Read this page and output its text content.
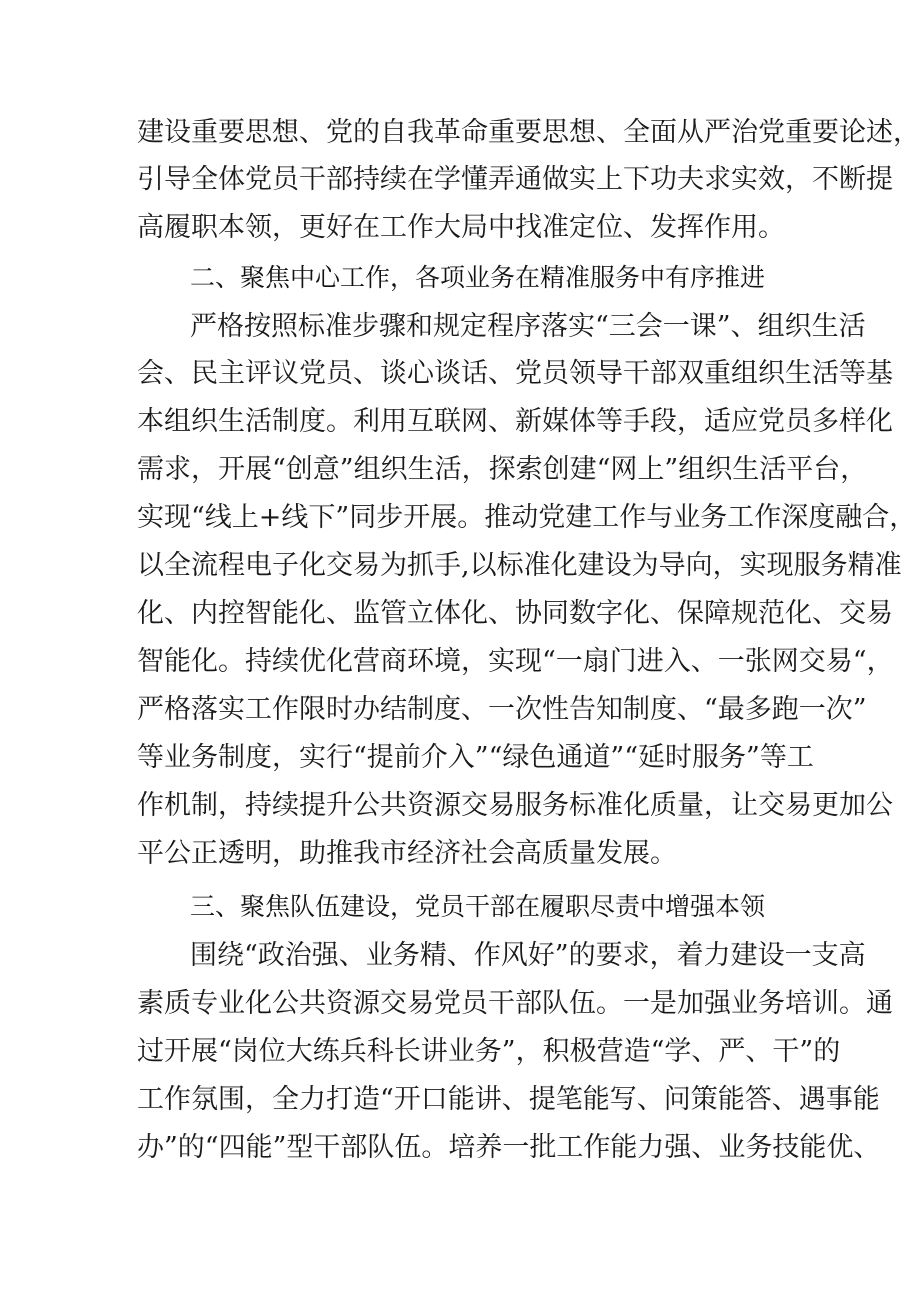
建设重要思想、党的自我革命重要思想、全面从严治党重要论述，
引导全体党员干部持续在学懂弄通做实上下功夫求实效，不断提
高履职本领，更好在工作大局中找准定位、发挥作用。
二、聚焦中心工作，各项业务在精准服务中有序推进
严格按照标准步骤和规定程序落实“三会一课”、组织生活
会、民主评议党员、谈心谈话、党员领导干部双重组织生活等基
本组织生活制度。利用互联网、新媒体等手段，适应党员多样化
需求，开展“创意”组织生活，探索创建“网上”组织生活平台，
实现“线上+线下”同步开展。推动党建工作与业务工作深度融合，
以全流程电子化交易为抓手,以标准化建设为导向，实现服务精准
化、内控智能化、监管立体化、协同数字化、保障规范化、交易
智能化。持续优化营商环境，实现“一扇门进入、一张网交易“，
严格落实工作限时办结制度、一次性告知制度、“最多跑一次”
等业务制度，实行“提前介入”“绿色通道”“延时服务”等工
作机制，持续提升公共资源交易服务标准化质量，让交易更加公
平公正透明，助推我市经济社会高质量发展。
三、聚焦队伍建设，党员干部在履职尽责中增强本领
围绕“政治强、业务精、作风好”的要求，着力建设一支高
素质专业化公共资源交易党员干部队伍。一是加强业务培训。通
过开展“岗位大练兵科长讲业务”，积极营造“学、严、干”的
工作氛围，全力打造“开口能讲、提笔能写、问策能答、遇事能
办”的“四能”型干部队伍。培养一批工作能力强、业务技能优、
